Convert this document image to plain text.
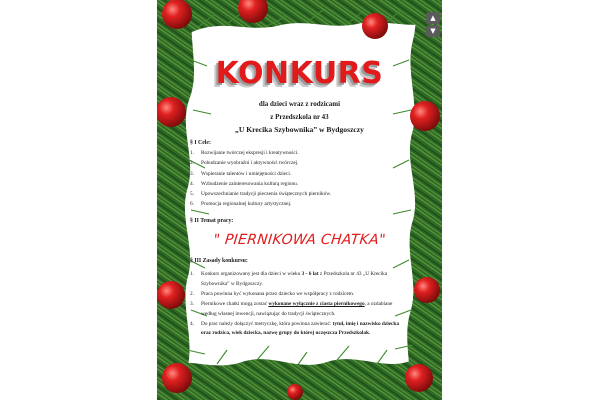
KONKURS
dla dzieci wraz z rodzicami
z Przedszkola nr 43
„U Krecika Szybownika” w Bydgoszczy
§ I Cele:
1. Rozwijanie twórczej ekspresji i kreatywności.
2. Pobudzanie wyobraźni i aktywności twórczej.
3. Wspieranie talentów i umiejętności dzieci.
4. Wzbudzenie zainteresowania kulturą regionu.
5. Upowszechnianie tradycji pieczenia świątecznych pierników.
6. Promocja regionalnej kultury artystycznej.
§ II Temat pracy:
" PIERNIKOWA CHATKA"
§ III Zasady konkursu:
1. Konkurs organizowany jest dla dzieci w wieku 3 - 6 lat z Przedszkola nr 43 „U Krecika Szybownika” w Bydgoszczy.
2. Praca powinna być wykonana przez dziecko we współpracy z rodzicem.
3. Piernikowe chatki mogą zostać wykonane wyłącznie z ciasta piernikowego, a ozdabiane według własnej inwencji, nawiązując do tradycji świątecznych.
4. Do prac należy dołączyć metryczkę, która powinna zawierać: tytuł, imię i nazwisko dziecka oraz rodzica, wiek dziecka, nazwę grupy do której uczęszcza Przedszkolak.
▲
▼
